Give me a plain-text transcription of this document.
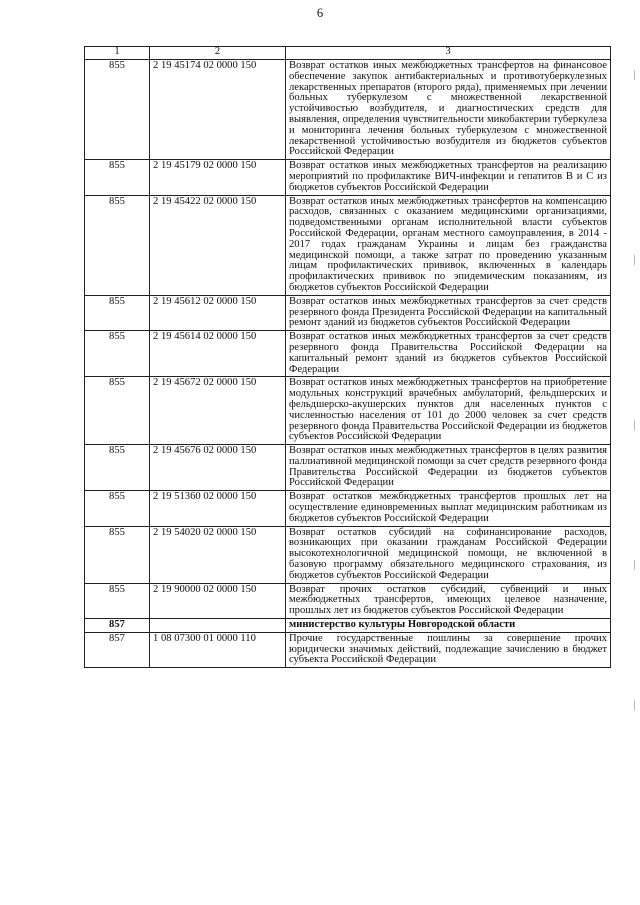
6
1	2	3
855	2 19 45174 02 0000 150	Возврат остатков иных межбюджетных трансфертов на финансовое обеспечение закупок антибактериальных и противотуберкулезных лекарственных препаратов (второго ряда), применяемых при лечении больных туберкулезом с множественной лекарственной устойчивостью возбудителя, и диагностических средств для выявления, определения чувствительности микобактерии туберкулеза и мониторинга лечения больных туберкулезом с множественной лекарственной устойчивостью возбудителя из бюджетов субъектов Российской Федерации
855	2 19 45179 02 0000 150	Возврат остатков иных межбюджетных трансфертов на реализацию мероприятий по профилактике ВИЧ-инфекции и гепатитов В и С из бюджетов субъектов Российской Федерации
855	2 19 45422 02 0000 150	Возврат остатков иных межбюджетных трансфертов на компенсацию расходов, связанных с оказанием медицинскими организациями, подведомственными органам исполнительной власти субъектов Российской Федерации, органам местного самоуправления, в 2014 - 2017 годах гражданам Украины и лицам без гражданства медицинской помощи, а также затрат по проведению указанным лицам профилактических прививок, включенных в календарь профилактических прививок по эпидемическим показаниям, из бюджетов субъектов Российской Федерации
855	2 19 45612 02 0000 150	Возврат остатков иных межбюджетных трансфертов за счет средств резервного фонда Президента Российской Федерации на капитальный ремонт зданий из бюджетов субъектов Российской Федерации
855	2 19 45614 02 0000 150	Возврат остатков иных межбюджетных трансфертов за счет средств резервного фонда Правительства Российской Федерации на капитальный ремонт зданий из бюджетов субъектов Российской Федерации
855	2 19 45672 02 0000 150	Возврат остатков иных межбюджетных трансфертов на приобретение модульных конструкций врачебных амбулаторий, фельдшерских и фельдшерско-акушерских пунктов для населенных пунктов с численностью населения от 101 до 2000 человек за счет средств резервного фонда Правительства Российской Федерации из бюджетов субъектов Российской Федерации
855	2 19 45676 02 0000 150	Возврат остатков иных межбюджетных трансфертов в целях развития паллиативной медицинской помощи за счет средств резервного фонда Правительства Российской Федерации из бюджетов субъектов Российской Федерации
855	2 19 51360 02 0000 150	Возврат остатков межбюджетных трансфертов прошлых лет на осуществление единовременных выплат медицинским работникам из бюджетов субъектов Российской Федерации
855	2 19 54020 02 0000 150	Возврат остатков субсидий на софинансирование расходов, возникающих при оказании гражданам Российской Федерации высокотехнологичной медицинской помощи, не включенной в базовую программу обязательного медицинского страхования, из бюджетов субъектов Российской Федерации
855	2 19 90000 02 0000 150	Возврат прочих остатков субсидий, субвенций и иных межбюджетных трансфертов, имеющих целевое назначение, прошлых лет из бюджетов субъектов Российской Федерации
857		министерство культуры Новгородской области
857	1 08 07300 01 0000 110	Прочие государственные пошлины за совершение прочих юридически значимых действий, подлежащие зачислению в бюджет субъекта Российской Федерации
